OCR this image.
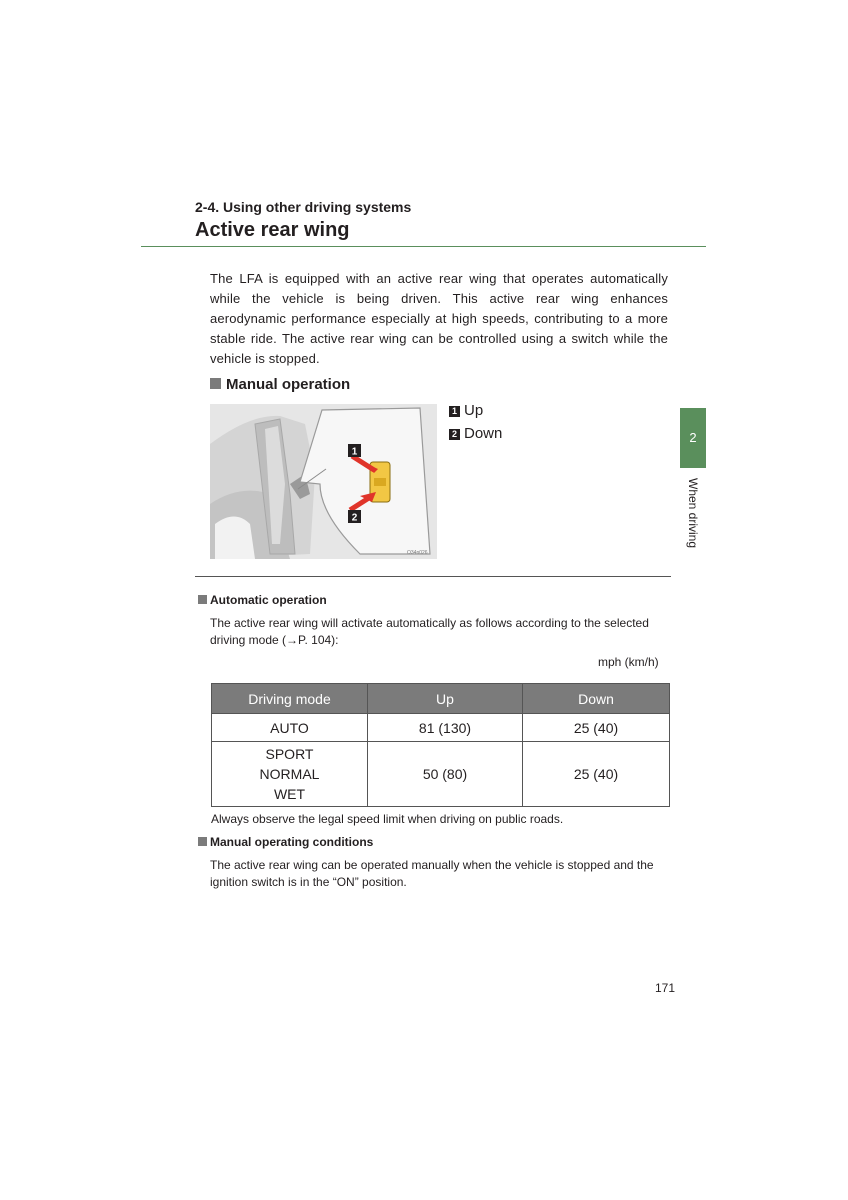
2-4. Using other driving systems
Active rear wing
The LFA is equipped with an active rear wing that operates automatically while the vehicle is being driven. This active rear wing enhances aerodynamic performance especially at high speeds, contributing to a more stable ride. The active rear wing can be controlled using a switch while the vehicle is stopped.
Manual operation
1
2
O34n026
1 Up
2 Down	2
When driving
Automatic operation
The active rear wing will activate automatically as follows according to the selected driving mode (→P. 104):
mph (km/h)
Driving mode	Up	Down
AUTO	81 (130)	25 (40)

SPORT
NORMAL
WET	50 (80)	25 (40)
Always observe the legal speed limit when driving on public roads.
Manual operating conditions
The active rear wing can be operated manually when the vehicle is stopped and the ignition switch is in the “ON” position.
171
